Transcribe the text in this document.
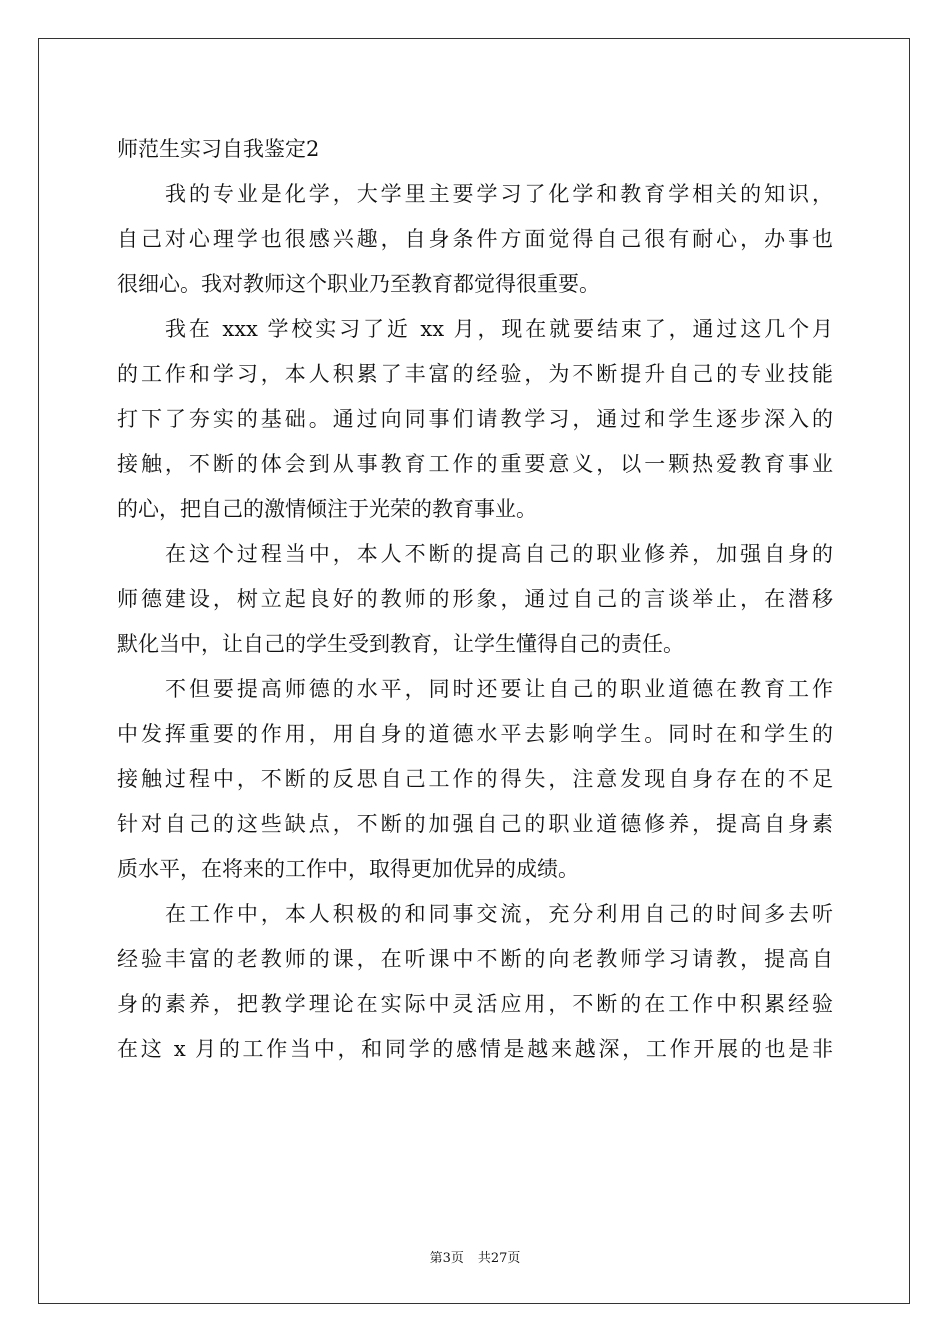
师范生实习自我鉴定2
我的专业是化学，大学里主要学习了化学和教育学相关的知识，
自己对心理学也很感兴趣，自身条件方面觉得自己很有耐心，办事也
很细心。我对教师这个职业乃至教育都觉得很重要。
我在 xxx 学校实习了近 xx 月，现在就要结束了，通过这几个月
的工作和学习，本人积累了丰富的经验，为不断提升自己的专业技能
打下了夯实的基础。通过向同事们请教学习，通过和学生逐步深入的
接触，不断的体会到从事教育工作的重要意义，以一颗热爱教育事业
的心，把自己的激情倾注于光荣的教育事业。
在这个过程当中，本人不断的提高自己的职业修养，加强自身的
师德建设，树立起良好的教师的形象，通过自己的言谈举止，在潜移
默化当中，让自己的学生受到教育，让学生懂得自己的责任。
不但要提高师德的水平，同时还要让自己的职业道德在教育工作
中发挥重要的作用，用自身的道德水平去影响学生。同时在和学生的
接触过程中，不断的反思自己工作的得失，注意发现自身存在的不足
针对自己的这些缺点，不断的加强自己的职业道德修养，提高自身素
质水平，在将来的工作中，取得更加优异的成绩。
在工作中，本人积极的和同事交流，充分利用自己的时间多去听
经验丰富的老教师的课，在听课中不断的向老教师学习请教，提高自
身的素养，把教学理论在实际中灵活应用，不断的在工作中积累经验
在这 x 月的工作当中，和同学的感情是越来越深，工作开展的也是非
第3页 共27页
